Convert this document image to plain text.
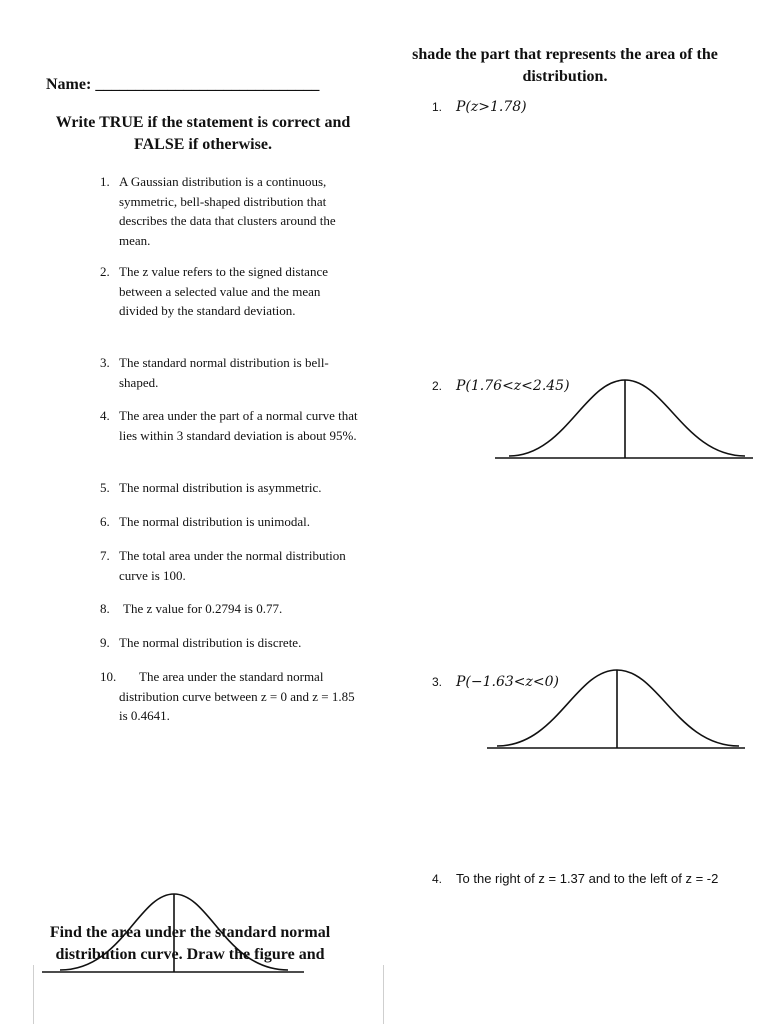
Name: ____________________________
Write TRUE if the statement is correct and FALSE if otherwise.
1. A Gaussian distribution is a continuous, symmetric, bell-shaped distribution that describes the data that clusters around the mean.
2. The z value refers to the signed distance between a selected value and the mean divided by the standard deviation.
3. The standard normal distribution is bell-shaped.
4. The area under the part of a normal curve that lies within 3 standard deviation is about 95%.
5. The normal distribution is asymmetric.
6. The normal distribution is unimodal.
7. The total area under the normal distribution curve is 100.
8. The z value for 0.2794 is 0.77.
9. The normal distribution is discrete.
10.	The area under the standard normal distribution curve between z = 0 and z = 1.85 is 0.4641.
shade the part that represents the area of the distribution.
1. P(z>1.78)
2. P(1.76<z<2.45)
3. P(−1.63<z<0)
4. To the right of z = 1.37 and to the left of z = -2
Find the area under the standard normal distribution curve. Draw the figure and
